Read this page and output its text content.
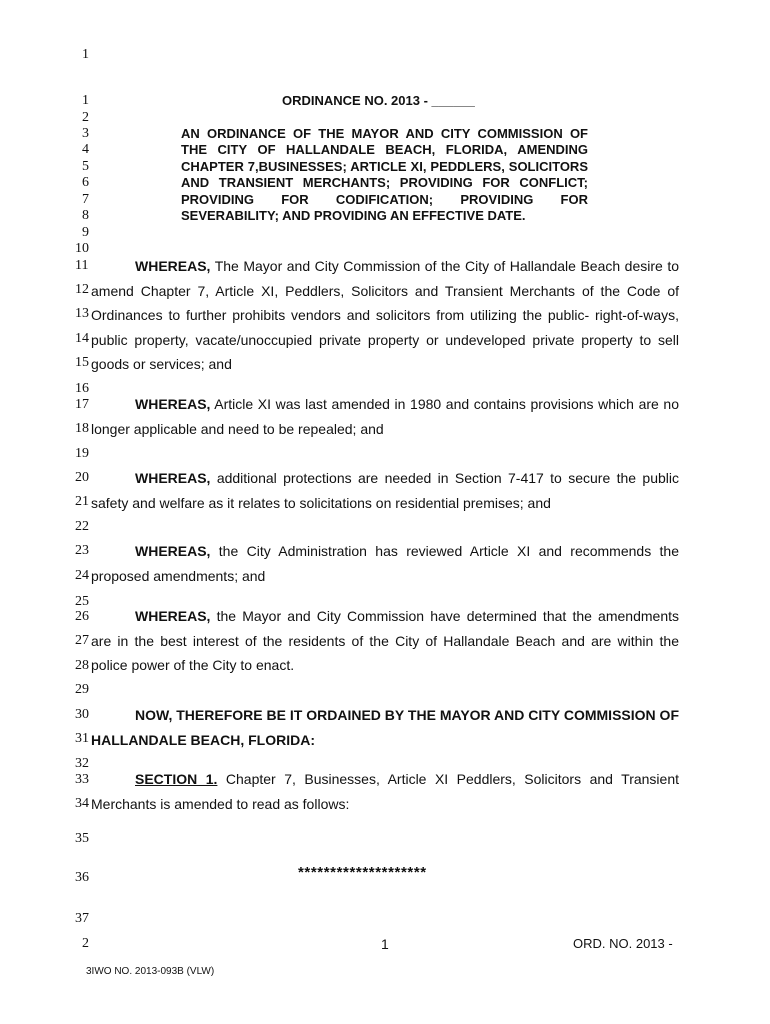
1
1
2
3
4
5
6
7
8
9
10
11
12
13
14
15
16
17
18
19
20
21
22
23
24
25
26
27
28
29
30
31
32
33
34
35
36
37
2
ORDINANCE NO. 2013 - ______
AN ORDINANCE OF THE MAYOR AND CITY COMMISSION OF THE CITY OF HALLANDALE BEACH, FLORIDA, AMENDING CHAPTER 7,BUSINESSES; ARTICLE XI, PEDDLERS, SOLICITORS AND TRANSIENT MERCHANTS; PROVIDING FOR CONFLICT; PROVIDING FOR CODIFICATION; PROVIDING FOR SEVERABILITY; AND PROVIDING AN EFFECTIVE DATE.
WHEREAS, The Mayor and City Commission of the City of Hallandale Beach desire to amend Chapter 7, Article XI, Peddlers, Solicitors and Transient Merchants of the Code of Ordinances to further prohibits vendors and solicitors from utilizing the public- right-of-ways, public property, vacate/unoccupied private property or undeveloped private property to sell goods or services; and
WHEREAS, Article XI was last amended in 1980 and contains provisions which are no longer applicable and need to be repealed; and
WHEREAS, additional protections are needed in Section 7-417 to secure the public safety and welfare as it relates to solicitations on residential premises; and
WHEREAS, the City Administration has reviewed Article XI and recommends the proposed amendments; and
WHEREAS, the Mayor and City Commission have determined that the amendments are in the best interest of the residents of the City of Hallandale Beach and are within the police power of the City to enact.
NOW, THEREFORE BE IT ORDAINED BY THE MAYOR AND CITY COMMISSION OF HALLANDALE BEACH, FLORIDA:
SECTION 1. Chapter 7, Businesses, Article XI Peddlers, Solicitors and Transient Merchants is amended to read as follows:
********************
1	ORD. NO. 2013 -
3IWO NO. 2013-093B (VLW)
